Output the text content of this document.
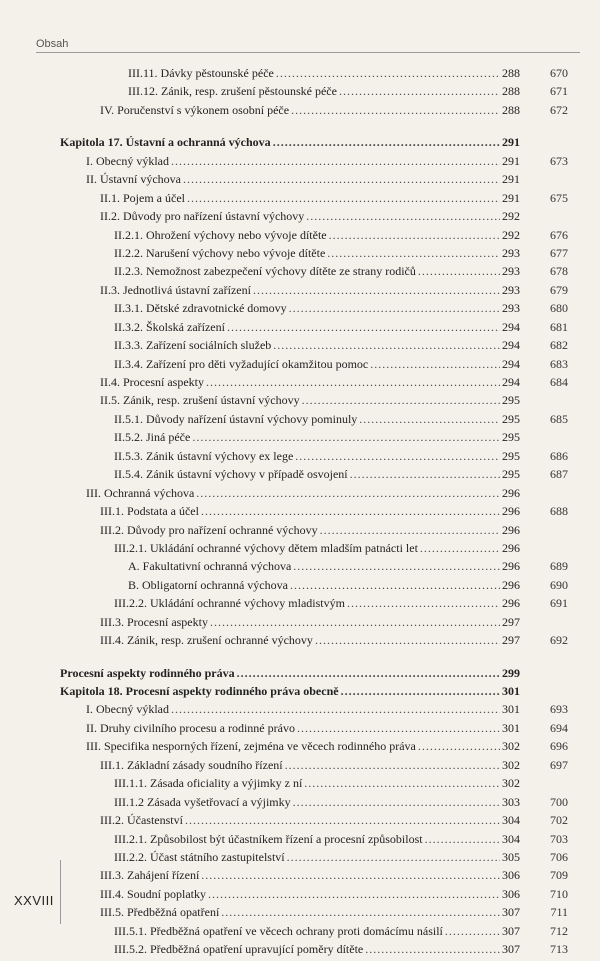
Obsah
III.11. Dávky pěstounské péče .....	288	670
III.12. Zánik, resp. zrušení pěstounské péče .....	288	671
IV. Poručenství s výkonem osobní péče .....	288	672
Kapitola 17. Ústavní a ochranná výchova .....	291
I. Obecný výklad .....	291	673
II. Ústavní výchova .....	291
II.1. Pojem a účel .....	291	675
II.2. Důvody pro nařízení ústavní výchovy .....	292
II.2.1. Ohrožení výchovy nebo vývoje dítěte .....	292	676
II.2.2. Narušení výchovy nebo vývoje dítěte .....	293	677
II.2.3. Nemožnost zabezpečení výchovy dítěte ze strany rodičů .....	293	678
II.3. Jednotlivá ústavní zařízení .....	293	679
II.3.1. Dětské zdravotnické domovy .....	293	680
II.3.2. Školská zařízení .....	294	681
II.3.3. Zařízení sociálních služeb .....	294	682
II.3.4. Zařízení pro děti vyžadující okamžitou pomoc .....	294	683
II.4. Procesní aspekty .....	294	684
II.5. Zánik, resp. zrušení ústavní výchovy .....	295
II.5.1. Důvody nařízení ústavní výchovy pominuly .....	295	685
II.5.2. Jiná péče .....	295
II.5.3. Zánik ústavní výchovy ex lege .....	295	686
II.5.4. Zánik ústavní výchovy v případě osvojení .....	295	687
III. Ochranná výchova .....	296
III.1. Podstata a účel .....	296	688
III.2. Důvody pro nařízení ochranné výchovy .....	296
III.2.1. Ukládání ochranné výchovy dětem mladším patnácti let .....	296
A. Fakultativní ochranná výchova .....	296	689
B. Obligatorní ochranná výchova .....	296	690
III.2.2. Ukládání ochranné výchovy mladistvým .....	296	691
III.3. Procesní aspekty .....	297
III.4. Zánik, resp. zrušení ochranné výchovy .....	297	692
Procesní aspekty rodinného práva .....	299
Kapitola 18. Procesní aspekty rodinného práva obecně .....	301
I. Obecný výklad .....	301	693
II. Druhy civilního procesu a rodinné právo .....	301	694
III. Specifika nesporných řízení, zejména ve věcech rodinného práva .....	302	696
III.1. Základní zásady soudního řízení .....	302	697
III.1.1. Zásada oficiality a výjimky z ní .....	302
III.1.2 Zásada vyšetřovací a výjimky .....	303	700
III.2. Účastenství .....	304	702
III.2.1. Způsobilost být účastníkem řízení a procesní způsobilost .....	304	703
III.2.2. Účast státního zastupitelství .....	305	706
III.3. Zahájení řízení .....	306	709
III.4. Soudní poplatky .....	306	710
III.5. Předběžná opatření .....	307	711
III.5.1. Předběžná opatření ve věcech ochrany proti domácímu násilí .....	307	712
III.5.2. Předběžná opatření upravující poměry dítěte .....	307	713
XXVIII
